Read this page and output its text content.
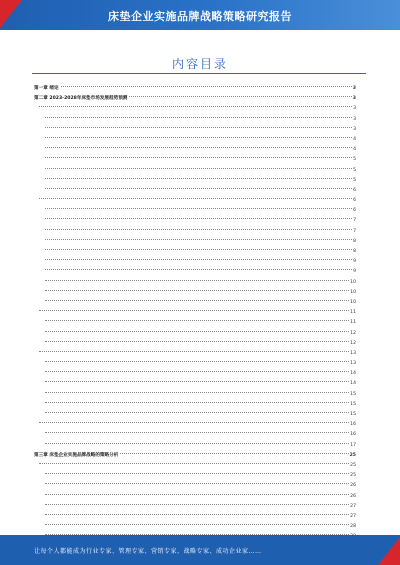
床垫企业实施品牌战略策略研究报告
内容目录
第一章 绪论	3
第二章 2023-2028年床垫市场发展趋势预测	3
3
3
3
4
4
5
5
5
6
6
6
7
7
8
8
9
9
10
10
10
11
11
12
12
13
13
14
14
15
15
15
16
16
17
第三章 床垫企业实施品牌战略的策略分析	25
25
25
26
26
27
27
28
让每个人都能成为行业专家、管理专家、营销专家、战略专家、成功企业家……
